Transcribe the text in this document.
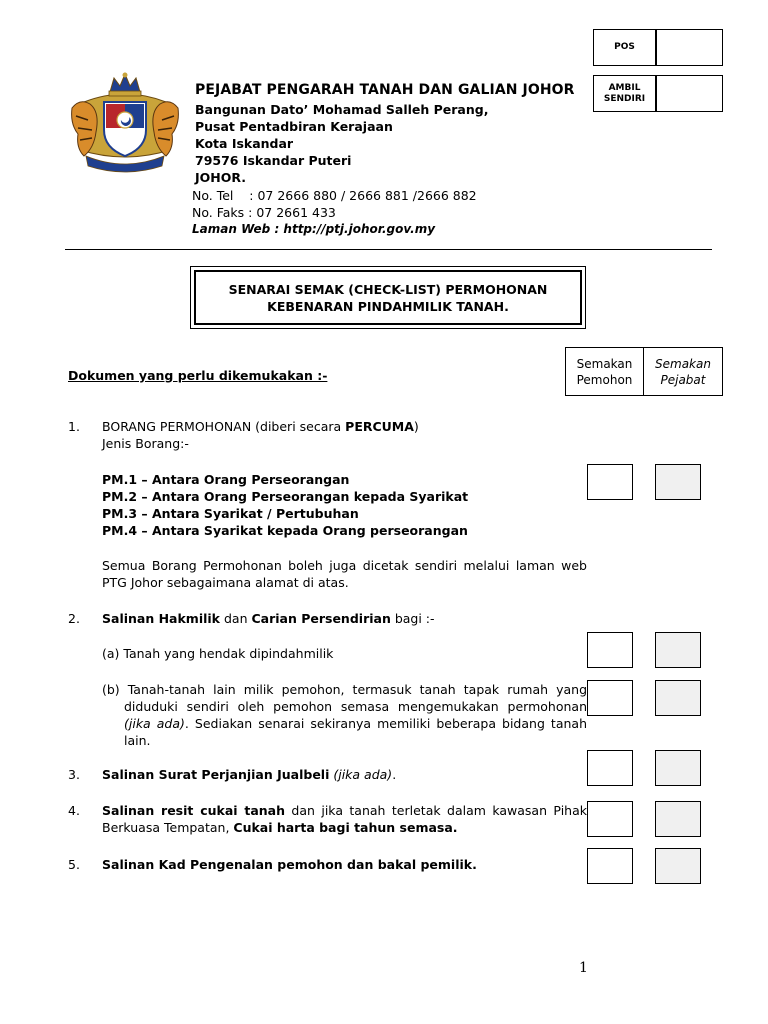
POS
AMBIL
SENDIRI
PEJABAT PENGARAH TANAH DAN GALIAN JOHOR
Bangunan Dato’ Mohamad Salleh Perang,
Pusat Pentadbiran Kerajaan
Kota Iskandar
79576 Iskandar Puteri
JOHOR.
No. Tel    : 07 2666 880 / 2666 881 /2666 882
No. Faks : 07 2661 433
Laman Web : http://ptj.johor.gov.my
SENARAI SEMAK (CHECK-LIST) PERMOHONAN
KEBENARAN PINDAHMILIK TANAH.
Semakan
Pemohon
Semakan
Pejabat
Dokumen yang perlu dikemukakan :-
1. BORANG PERMOHONAN (diberi secara PERCUMA)
Jenis Borang:-
PM.1 – Antara Orang Perseorangan
PM.2 – Antara Orang Perseorangan kepada Syarikat
PM.3 – Antara Syarikat / Pertubuhan
PM.4 – Antara Syarikat kepada Orang perseorangan
Semua Borang Permohonan boleh juga dicetak sendiri melalui laman web PTG Johor sebagaimana alamat di atas.
2. Salinan Hakmilik dan Carian Persendirian bagi :-
(a) Tanah yang hendak dipindahmilik
(b) Tanah-tanah lain milik pemohon, termasuk tanah tapak rumah yang diduduki sendiri oleh pemohon semasa mengemukakan permohonan (jika ada). Sediakan senarai sekiranya memiliki beberapa bidang tanah lain.
3. Salinan Surat Perjanjian Jualbeli (jika ada).
4. Salinan resit cukai tanah dan jika tanah terletak dalam kawasan Pihak Berkuasa Tempatan, Cukai harta bagi tahun semasa.
5. Salinan Kad Pengenalan pemohon dan bakal pemilik.
1
